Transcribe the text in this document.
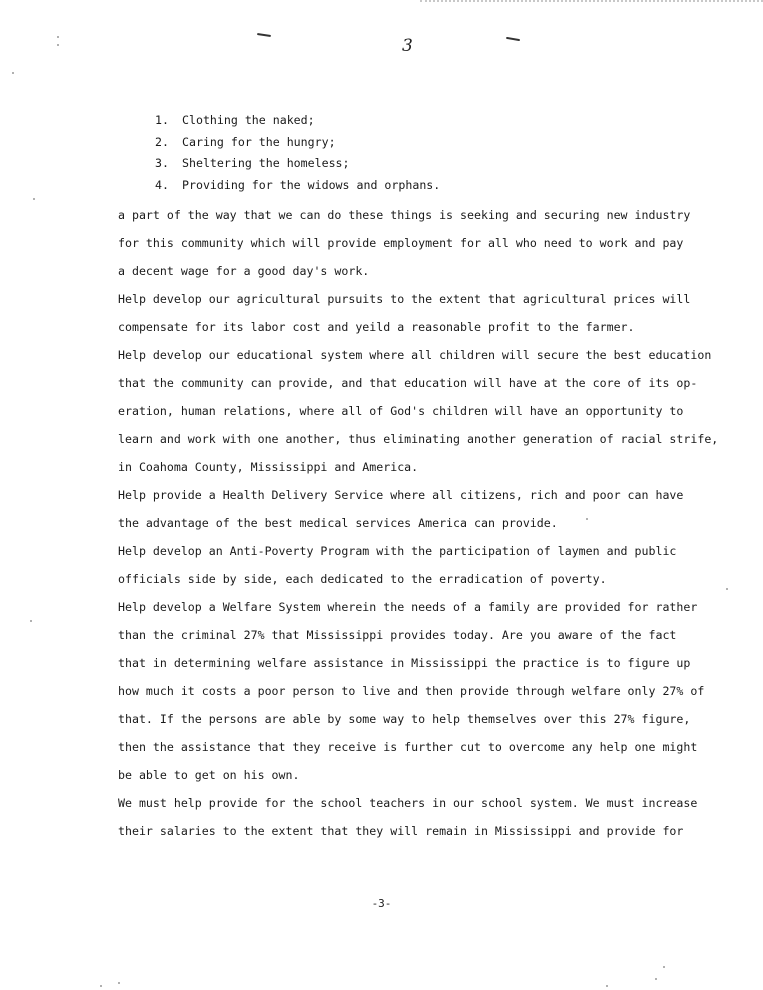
3
1. Clothing the naked;
2. Caring for the hungry;
3. Sheltering the homeless;
4. Providing for the widows and orphans.
a part of the way that we can do these things is seeking and securing new industry
for this community which will provide employment for all who need to work and pay
a decent wage for a good day's work.
Help develop our agricultural pursuits to the extent that agricultural prices will
compensate for its labor cost and yeild a reasonable profit to the farmer.
Help develop our educational system where all children will secure the best education
that the community can provide, and that education will have at the core of its op-
eration, human relations, where all of God's children will have an opportunity to
learn and work with one another, thus eliminating another generation of racial strife,
in Coahoma County, Mississippi and America.
Help provide a Health Delivery Service where all citizens, rich and poor can have
the advantage of the best medical services America can provide.
Help develop an Anti-Poverty Program with the participation of laymen and public
officials side by side, each dedicated to the erradication of poverty.
Help develop a Welfare System wherein the needs of a family are provided for rather
than the criminal 27% that Mississippi provides today. Are you aware of the fact
that in determining welfare assistance in Mississippi the practice is to figure up
how much it costs a poor person to live and then provide through welfare only 27% of
that. If the persons are able by some way to help themselves over this 27% figure,
then the assistance that they receive is further cut to overcome any help one might
be able to get on his own.
We must help provide for the school teachers in our school system. We must increase
their salaries to the extent that they will remain in Mississippi and provide for
-3-
